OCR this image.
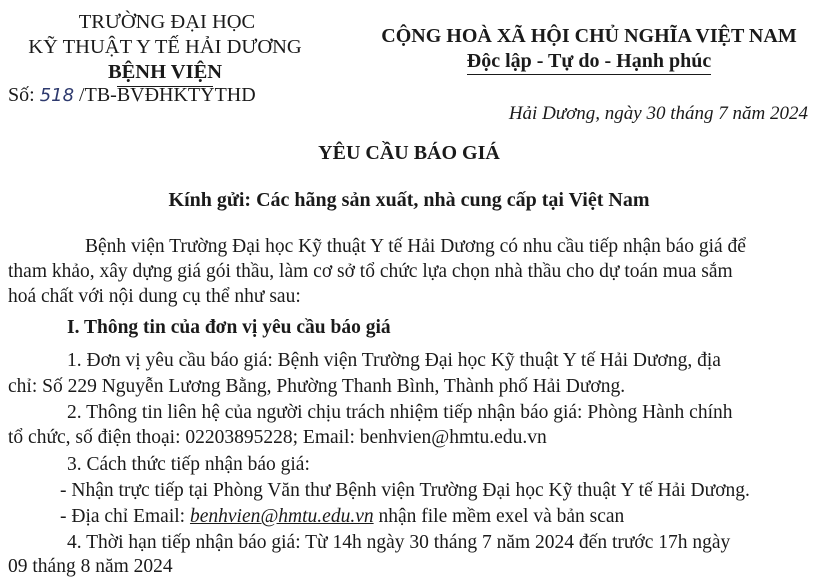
TRƯỜNG ĐẠI HỌC
KỸ THUẬT Y TẾ HẢI DƯƠNG
BỆNH VIỆN
Số: 518 /TB-BVĐHKTYTHD
CỘNG HOÀ XÃ HỘI CHỦ NGHĨA VIỆT NAM
Độc lập - Tự do - Hạnh phúc
Hải Dương, ngày 30 tháng 7 năm 2024
YÊU CẦU BÁO GIÁ
Kính gửi: Các hãng sản xuất, nhà cung cấp tại Việt Nam
Bệnh viện Trường Đại học Kỹ thuật Y tế Hải Dương có nhu cầu tiếp nhận báo giá để
tham khảo, xây dựng giá gói thầu, làm cơ sở tổ chức lựa chọn nhà thầu cho dự toán mua sắm
hoá chất với nội dung cụ thể như sau:
I. Thông tin của đơn vị yêu cầu báo giá
1. Đơn vị yêu cầu báo giá: Bệnh viện Trường Đại học Kỹ thuật Y tế Hải Dương, địa
chỉ: Số 229 Nguyễn Lương Bằng, Phường Thanh Bình, Thành phố Hải Dương.
2. Thông tin liên hệ của người chịu trách nhiệm tiếp nhận báo giá: Phòng Hành chính
tổ chức, số điện thoại: 02203895228; Email: benhvien@hmtu.edu.vn
3. Cách thức tiếp nhận báo giá:
- Nhận trực tiếp tại Phòng Văn thư Bệnh viện Trường Đại học Kỹ thuật Y tế Hải Dương.
- Địa chỉ Email: benhvien@hmtu.edu.vn nhận file mềm exel và bản scan
4. Thời hạn tiếp nhận báo giá: Từ 14h ngày 30 tháng 7 năm 2024 đến trước 17h ngày
09 tháng 8 năm 2024
